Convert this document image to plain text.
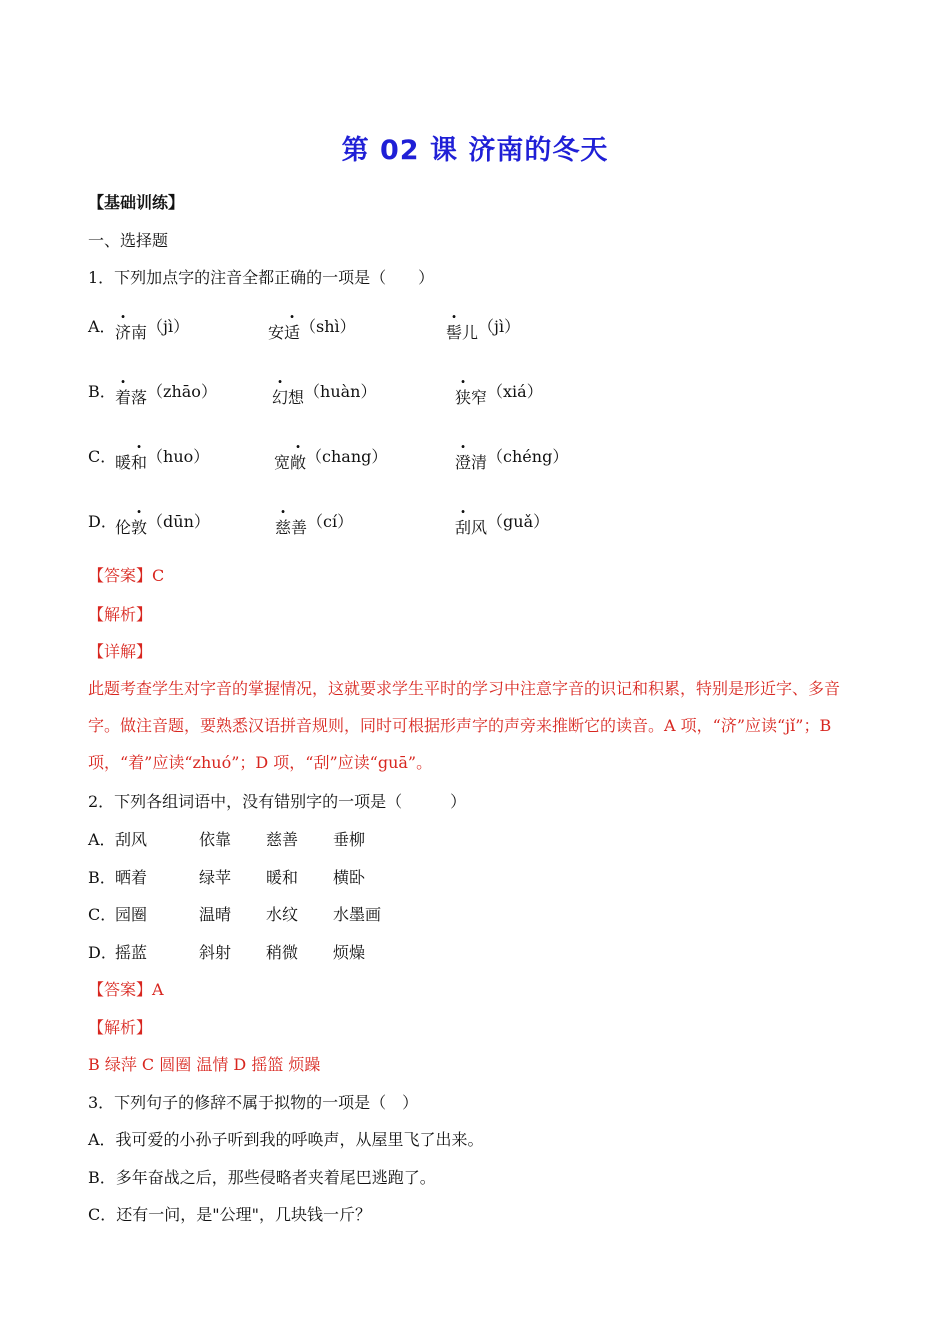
第 02 课 济南的冬天
【基础训练】
一、选择题
1．下列加点字的注音全都正确的一项是（　　）
A． 济南（jì）	安适（shì）	髻儿（jì）
B． 着落（zhāo）	幻想（huàn）	狭窄（xiá）
C．
暖和（huo）	宽敞（chang）	澄清（chéng）
D．
伦敦（dūn）	慈善（cí）	刮风（guǎ）
【答案】C
【解析】
【详解】
此题考查学生对字音的掌握情况，这就要求学生平时的学习中注意字音的识记和积累，特别是形近字、多音字。做注音题，要熟悉汉语拼音规则，同时可根据形声字的声旁来推断它的读音。A 项，“济”应读“jǐ”；B 项，“着”应读“zhuó”；D 项，“刮”应读“guā”。
2．下列各组词语中，没有错别字的一项是（　　　）
A． 刮风	依靠 慈善 垂柳
B． 晒着	绿苹 暖和 横卧
C．
园圈	温晴 水纹 水墨画
D．
摇蓝	斜射 稍微 烦燥
【答案】A
【解析】
B 绿萍 C 圆圈 温情 D 摇篮 烦躁
3．下列句子的修辞不属于拟物的一项是（　）
A．我可爱的小孙子听到我的呼唤声，从屋里飞了出来。
B．多年奋战之后，那些侵略者夹着尾巴逃跑了。
C．还有一问，是"公理"，几块钱一斤？
